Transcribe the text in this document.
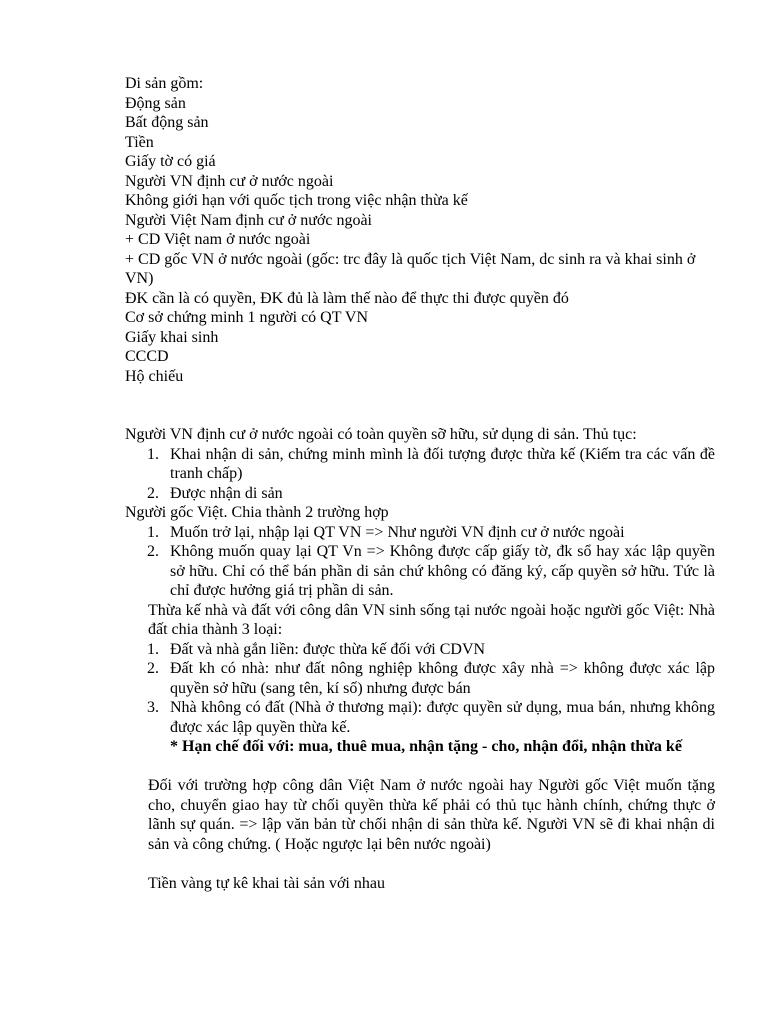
Di sản gồm:
Động sản
Bất động sản
Tiền
Giấy tờ có giá
Người VN định cư ở nước ngoài
Không giới hạn với quốc tịch trong việc nhận thừa kế
Người Việt Nam định cư ở nước ngoài
+ CD Việt nam ở nước ngoài
+ CD gốc VN ở nước ngoài (gốc: trc đây là quốc tịch Việt Nam, dc sinh ra và khai sinh ở VN)
ĐK cần là có quyền, ĐK đủ là làm thế nào để thực thi được quyền đó
Cơ sở chứng minh 1 người có QT VN
Giấy khai sinh
CCCD
Hộ chiếu
Người VN định cư ở nước ngoài có toàn quyền sỡ hữu, sử dụng di sản. Thủ tục:
1. Khai nhận di sản, chứng minh mình là đối tượng được thừa kế (Kiếm tra các vấn đề tranh chấp)
2. Được nhận di sản
Người gốc Việt. Chia thành 2 trường hợp
1. Muốn trở lại, nhập lại QT VN => Như người VN định cư ở nước ngoài
2. Không muốn quay lại QT Vn => Không được cấp giấy tờ, đk sổ hay xác lập quyền sở hữu. Chỉ có thể bán phần di sản chứ không có đăng ký, cấp quyền sở hữu. Tức là chỉ được hưởng giá trị phần di sản.
Thừa kế nhà và đất với công dân VN sinh sống tại nước ngoài hoặc người gốc Việt: Nhà đất chia thành 3 loại:
1. Đất và nhà gắn liền: được thừa kế đối với CDVN
2. Đất kh có nhà: như đất nông nghiệp không được xây nhà => không được xác lập quyền sở hữu (sang tên, kí số) nhưng được bán
3. Nhà không có đất (Nhà ở thương mại): được quyền sử dụng, mua bán, nhưng không được xác lập quyền thừa kế.
* Hạn chế đối với: mua, thuê mua, nhận tặng - cho, nhận đổi, nhận thừa kế
Đối với trường hợp công dân Việt Nam ở nước ngoài hay Người gốc Việt muốn tặng cho, chuyển giao hay từ chối quyền thừa kế phải có thủ tục hành chính, chứng thực ở lãnh sự quán. => lập văn bản từ chối nhận di sản thừa kế. Người VN sẽ đi khai nhận di sản và công chứng. ( Hoặc ngược lại bên nước ngoài)
Tiền vàng tự kê khai tài sản với nhau
